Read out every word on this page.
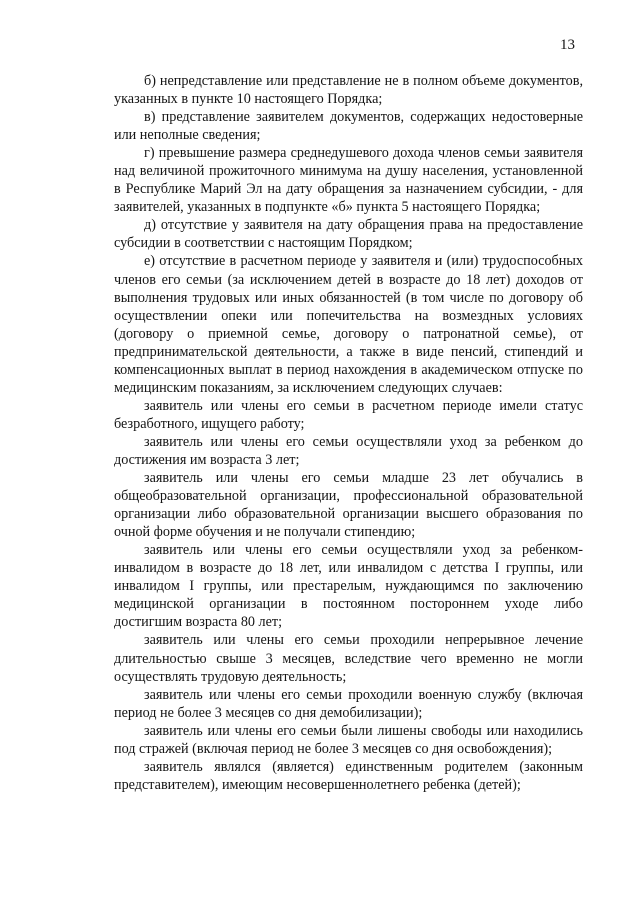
13

б) непредставление или представление не в полном объеме документов, указанных в пункте 10 настоящего Порядка;

в) представление заявителем документов, содержащих недостоверные или неполные сведения;

г) превышение размера среднедушевого дохода членов семьи заявителя над величиной прожиточного минимума на душу населения, установленной в Республике Марий Эл на дату обращения за назначением субсидии, - для заявителей, указанных в подпункте «б» пункта 5 настоящего Порядка;

д) отсутствие у заявителя на дату обращения права на предоставление субсидии в соответствии с настоящим Порядком;

е) отсутствие в расчетном периоде у заявителя и (или) трудоспособных членов его семьи (за исключением детей в возрасте до 18 лет) доходов от выполнения трудовых или иных обязанностей (в том числе по договору об осуществлении опеки или попечительства на возмездных условиях (договору о приемной семье, договору о патронатной семье), от предпринимательской деятельности, а также в виде пенсий, стипендий и компенсационных выплат в период нахождения в академическом отпуске по медицинским показаниям, за исключением следующих случаев:

заявитель или члены его семьи в расчетном периоде имели статус безработного, ищущего работу;

заявитель или члены его семьи осуществляли уход за ребенком до достижения им возраста 3 лет;

заявитель или члены его семьи младше 23 лет обучались в общеобразовательной организации, профессиональной образовательной организации либо образовательной организации высшего образования по очной форме обучения и не получали стипендию;

заявитель или члены его семьи осуществляли уход за ребенком-инвалидом в возрасте до 18 лет, или инвалидом с детства I группы, или инвалидом I группы, или престарелым, нуждающимся по заключению медицинской организации в постоянном постороннем уходе либо достигшим возраста 80 лет;

заявитель или члены его семьи проходили непрерывное лечение длительностью свыше 3 месяцев, вследствие чего временно не могли осуществлять трудовую деятельность;

заявитель или члены его семьи проходили военную службу (включая период не более 3 месяцев со дня демобилизации);

заявитель или члены его семьи были лишены свободы или находились под стражей (включая период не более 3 месяцев со дня освобождения);

заявитель являлся (является) единственным родителем (законным представителем), имеющим несовершеннолетнего ребенка (детей);
